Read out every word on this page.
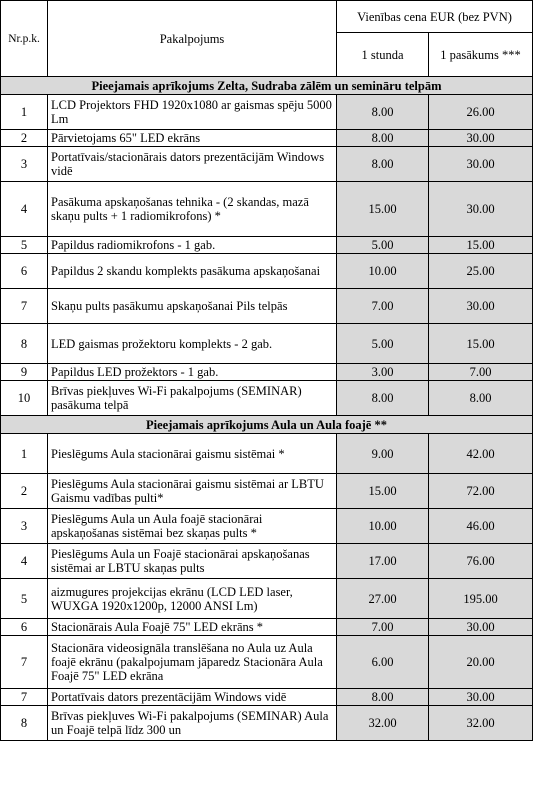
Nr.p.k.	Pakalpojums	Vienības cena EUR (bez PVN)	
		1 stunda	1 pasākums ***
Pieejamais aprīkojums Zelta, Sudraba zālēm un semināru telpām			
1	LCD Projektors FHD 1920x1080 ar gaismas spēju 5000 Lm	8.00	26.00
2	Pārvietojams 65" LED ekrāns	8.00	30.00
3	Portatīvais/stacionārais dators prezentācijām Windows vidē	8.00	30.00
4	Pasākuma apskaņošanas tehnika - (2 skandas, mazā skaņu pults + 1 radiomikrofons) *	15.00	30.00
5	Papildus radiomikrofons - 1 gab.	5.00	15.00
6	Papildus 2 skandu komplekts pasākuma apskaņošanai	10.00	25.00
7	Skaņu pults pasākumu apskaņošanai Pils telpās	7.00	30.00
8	LED gaismas prožektoru komplekts - 2 gab.	5.00	15.00
9	Papildus LED prožektors - 1 gab.	3.00	7.00
10	Brīvas piekļuves Wi-Fi pakalpojums (SEMINAR) pasākuma telpā	8.00	8.00
Pieejamais aprīkojums Aula un Aula foajē **			
1	Pieslēgums Aula stacionārai gaismu sistēmai *	9.00	42.00
2	Pieslēgums Aula stacionārai gaismu sistēmai ar LBTU Gaismu vadības pulti*	15.00	72.00
3	Pieslēgums Aula un Aula foajē stacionārai apskaņošanas sistēmai bez skaņas pults *	10.00	46.00
4	Pieslēgums Aula un Foajē stacionārai apskaņošanas sistēmai ar LBTU skaņas pults	17.00	76.00
5	aizmugures projekcijas ekrānu (LCD LED laser, WUXGA 1920x1200p, 12000 ANSI Lm)	27.00	195.00
6	Stacionārais Aula Foajē 75" LED ekrāns *	7.00	30.00
7	Stacionāra videosignāla translēšana no Aula uz Aula foajē ekrānu (pakalpojumam jāparedz Stacionāra Aula Foajē 75" LED ekrāna	6.00	20.00
7	Portatīvais dators prezentācijām Windows vidē	8.00	30.00
8	Brīvas piekļuves Wi-Fi pakalpojums (SEMINAR) Aula un Foajē telpā līdz 300 un	32.00	32.00
